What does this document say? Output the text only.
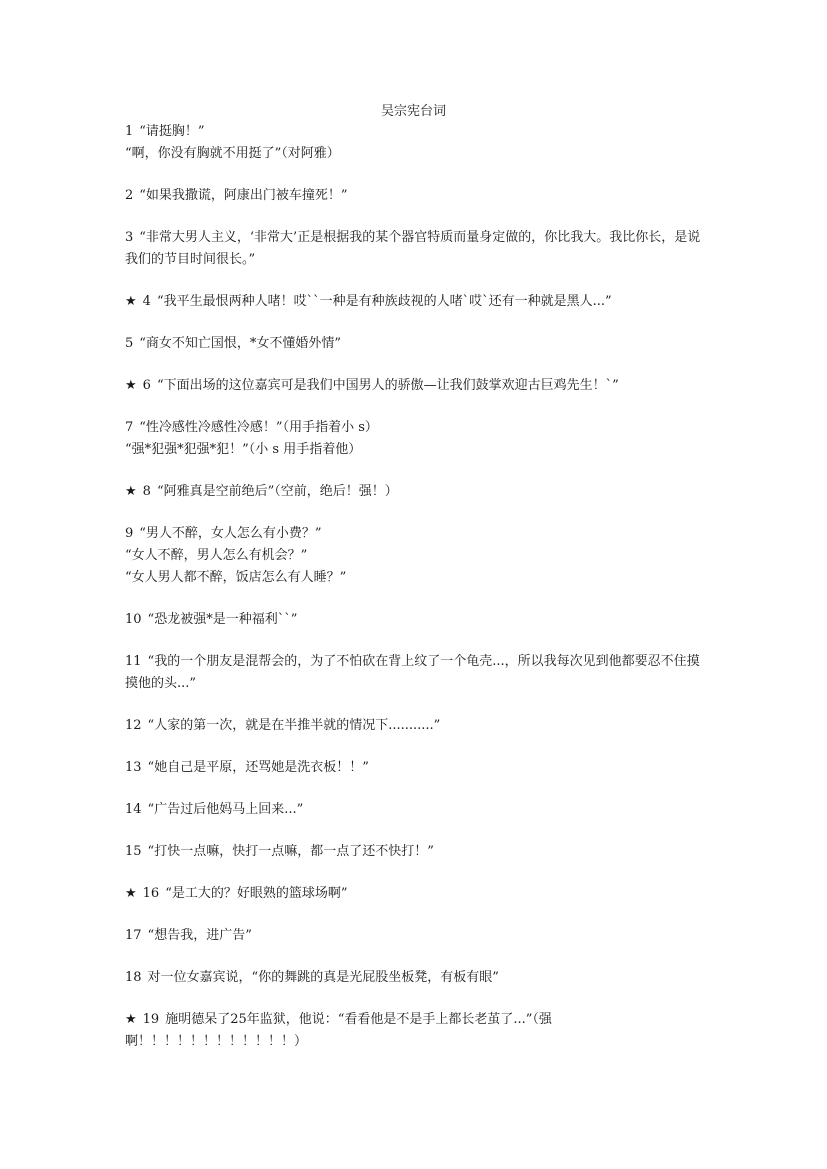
吴宗宪台词
1 “请挺胸！”
“啊，你没有胸就不用挺了”（对阿雅）
2 “如果我撒谎，阿康出门被车撞死！”
3 “非常大男人主义，‘非常大’正是根据我的某个器官特质而量身定做的，你比我大。我比你长，是说我们的节目时间很长。”
★ 4 “我平生最恨两种人啫！哎``一种是有种族歧视的人啫`哎`还有一种就是黑人...”
5 “商女不知亡国恨，*女不懂婚外情”
★ 6 “下面出场的这位嘉宾可是我们中国男人的骄傲—让我们鼓掌欢迎古巨鸡先生！`”
7 “性冷感性冷感性冷感！”（用手指着小 s）
“强*犯强*犯强*犯！”（小 s 用手指着他）
★ 8 “阿雅真是空前绝后”（空前，绝后！强！）
9 “男人不醉，女人怎么有小费？”
“女人不醉，男人怎么有机会？”
“女人男人都不醉，饭店怎么有人睡？”
10 “恐龙被强*是一种福利``”
11 “我的一个朋友是混帮会的，为了不怕砍在背上纹了一个龟壳...，所以我每次见到他都要忍不住摸摸他的头...”
12 “人家的第一次，就是在半推半就的情况下...........”
13 “她自己是平原，还骂她是洗衣板！！”
14 “广告过后他妈马上回来...”
15 “打快一点嘛，快打一点嘛，都一点了还不快打！”
★ 16 “是工大的？好眼熟的篮球场啊”
17 “想告我，进广告”
18 对一位女嘉宾说，“你的舞跳的真是光屁股坐板凳，有板有眼”
★ 19 施明德呆了25年监狱，他说：“看看他是不是手上都长老茧了...”（强
啊！！！！！！！！！！！！）
